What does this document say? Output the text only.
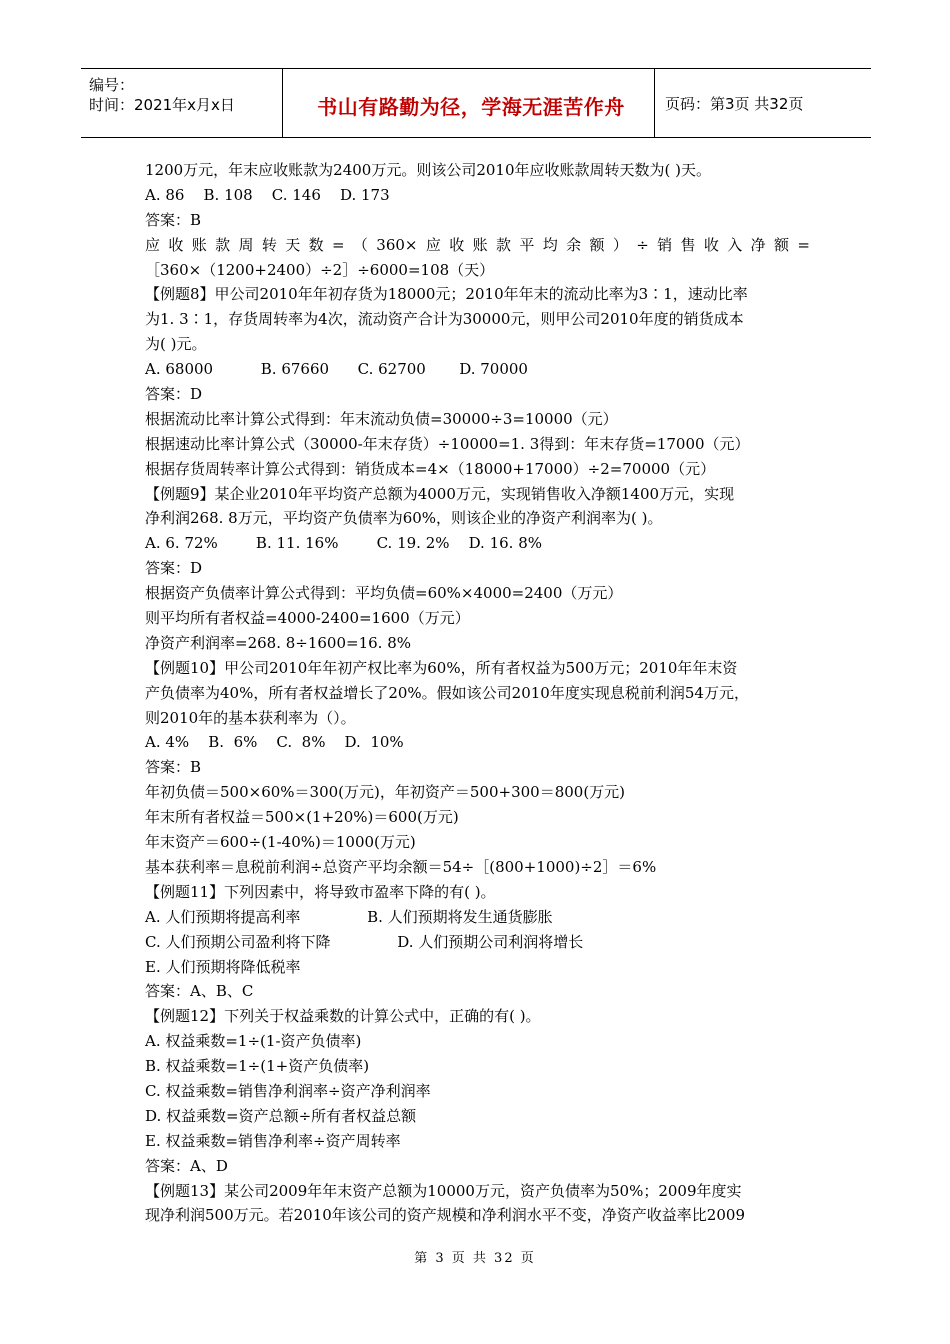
编号：
时间：2021年x月x日	书山有路勤为径，学海无涯苦作舟	页码：第3页 共32页
1200万元，年末应收账款为2400万元。则该公司2010年应收账款周转天数为( )天。
A. 86    B. 108    C. 146    D. 173
答案：B
应收账款周转天数=（360×应收账款平均余额）÷销售收入净额=
［360×（1200+2400）÷2］÷6000=108（天）
【例题8】甲公司2010年年初存货为18000元；2010年年末的流动比率为3∶1，速动比率
为1. 3∶1，存货周转率为4次，流动资产合计为30000元，则甲公司2010年度的销货成本
为( )元。
A. 68000          B. 67660      C. 62700       D. 70000
答案：D
根据流动比率计算公式得到：年末流动负债=30000÷3=10000（元）
根据速动比率计算公式（30000-年末存货）÷10000=1. 3得到：年末存货=17000（元）
根据存货周转率计算公式得到：销货成本=4×（18000+17000）÷2=70000（元）
【例题9】某企业2010年平均资产总额为4000万元，实现销售收入净额1400万元，实现
净利润268. 8万元，平均资产负债率为60%，则该企业的净资产利润率为( )。
A. 6. 72%        B. 11. 16%        C. 19. 2%    D. 16. 8%
答案：D
根据资产负债率计算公式得到：平均负债=60%×4000=2400（万元）
则平均所有者权益=4000-2400=1600（万元）
净资产利润率=268. 8÷1600=16. 8%
【例题10】甲公司2010年年初产权比率为60%，所有者权益为500万元；2010年年末资
产负债率为40%，所有者权益增长了20%。假如该公司2010年度实现息税前利润54万元，
则2010年的基本获利率为（）。
A. 4%    B.  6%    C.  8%    D.  10%
答案：B
年初负债＝500×60%＝300(万元)，年初资产＝500+300＝800(万元)
年末所有者权益＝500×(1+20%)＝600(万元)
年末资产＝600÷(1-40%)＝1000(万元)
基本获利率＝息税前利润÷总资产平均余额＝54÷［(800+1000)÷2］＝6%
【例题11】下列因素中，将导致市盈率下降的有( )。
A. 人们预期将提高利率              B. 人们预期将发生通货膨胀
C. 人们预期公司盈利将下降              D. 人们预期公司利润将增长
E. 人们预期将降低税率
答案：A、B、C
【例题12】下列关于权益乘数的计算公式中，正确的有( )。
A. 权益乘数=1÷(1-资产负债率)
B. 权益乘数=1÷(1+资产负债率)
C. 权益乘数=销售净利润率÷资产净利润率
D. 权益乘数=资产总额÷所有者权益总额
E. 权益乘数=销售净利率÷资产周转率
答案：A、D
【例题13】某公司2009年年末资产总额为10000万元，资产负债率为50%；2009年度实
现净利润500万元。若2010年该公司的资产规模和净利润水平不变，净资产收益率比2009
第 3 页 共 32 页
